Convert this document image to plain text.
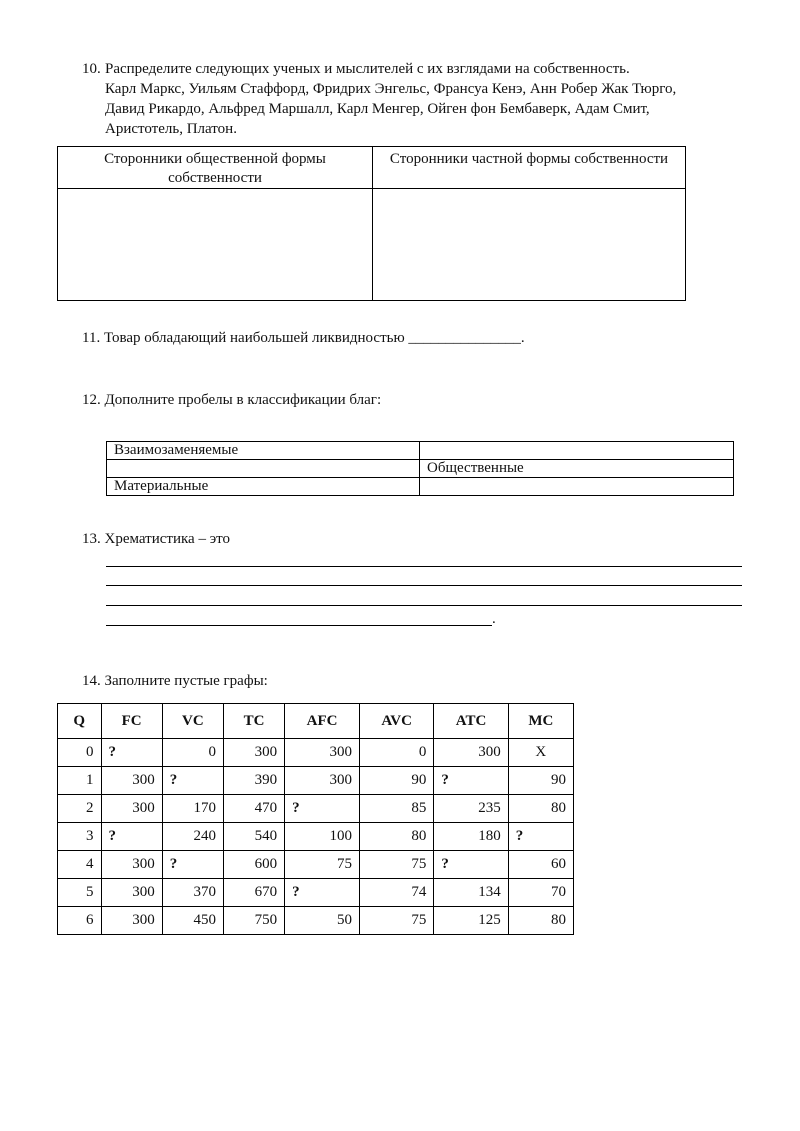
10. Распределите следующих ученых и мыслителей с их взглядами на собственность.
Карл Маркс, Уильям Стаффорд, Фридрих Энгельс, Франсуа Кенэ, Анн Робер Жак Тюрго,
Давид Рикардо, Альфред Маршалл, Карл Менгер, Ойген фон Бембаверк, Адам Смит,
Аристотель, Платон.
Сторонники общественной формы
собственности	Сторонники частной формы собственности

11. Товар обладающий наибольшей ликвидностью _______________.
12. Дополните пробелы в классификации благ:
Взаимозаменяемые	
	Общественные
Материальные	
13. Хрематистика – это
.
14. Заполните пустые графы:
Q	FC	VC	TC	AFC	AVC	ATC	MC
0	?	0	300	300	0	300	Х
1	300	?	390	300	90	?	90
2	300	170	470	?	85	235	80
3	?	240	540	100	80	180	?
4	300	?	600	75	75	?	60
5	300	370	670	?	74	134	70
6	300	450	750	50	75	125	80
